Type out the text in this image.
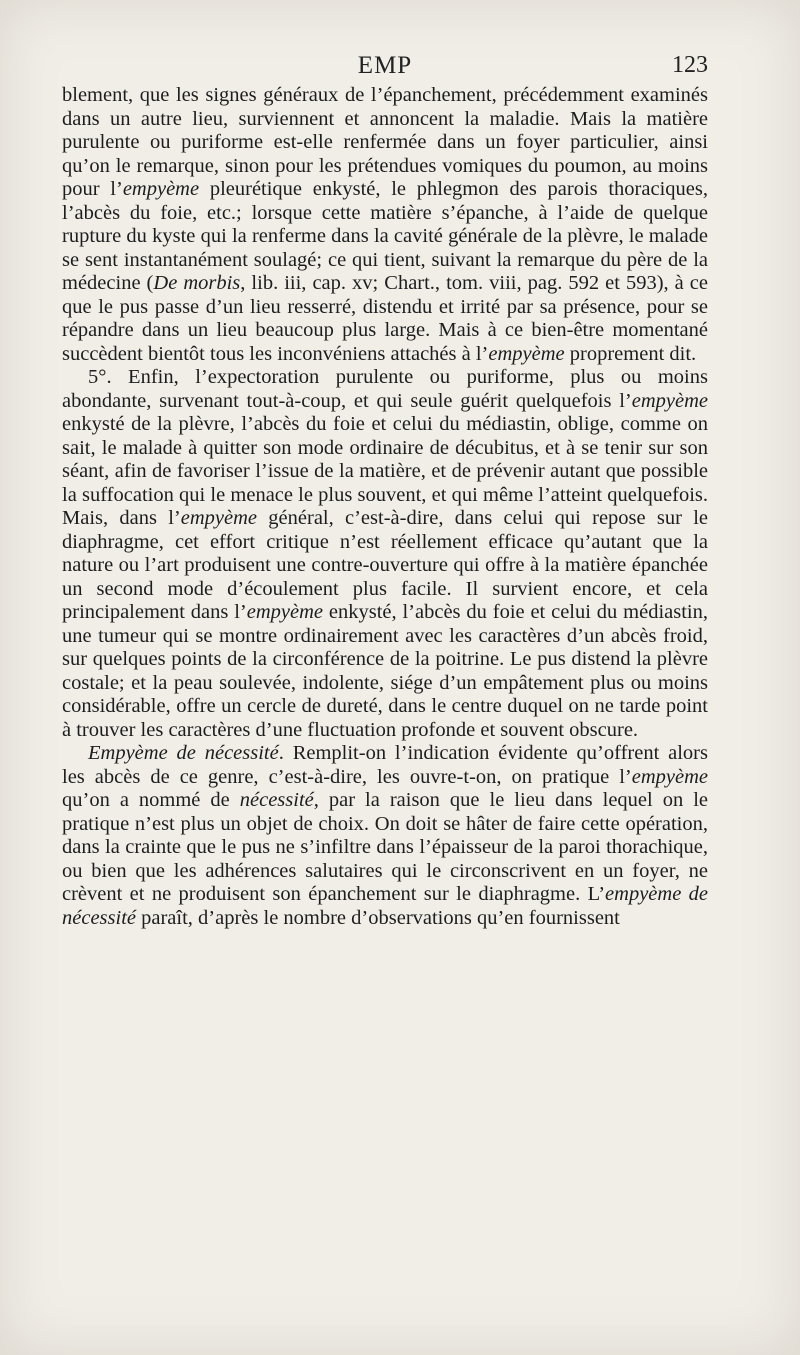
EMP	123

blement, que les signes généraux de l’épanchement, précédemment examinés dans un autre lieu, surviennent et annoncent la maladie. Mais la matière purulente ou puriforme est-elle renfermée dans un foyer particulier, ainsi qu’on le remarque, sinon pour les prétendues vomiques du poumon, au moins pour l’empyème pleurétique enkysté, le phlegmon des parois thoraciques, l’abcès du foie, etc.; lorsque cette matière s’épanche, à l’aide de quelque rupture du kyste qui la renferme dans la cavité générale de la plèvre, le malade se sent instantanément soulagé; ce qui tient, suivant la remarque du père de la médecine (De morbis, lib. iii, cap. xv; Chart., tom. viii, pag. 592 et 593), à ce que le pus passe d’un lieu resserré, distendu et irrité par sa présence, pour se répandre dans un lieu beaucoup plus large. Mais à ce bien-être momentané succèdent bientôt tous les inconvéniens attachés à l’empyème proprement dit.

5°. Enfin, l’expectoration purulente ou puriforme, plus ou moins abondante, survenant tout-à-coup, et qui seule guérit quelquefois l’empyème enkysté de la plèvre, l’abcès du foie et celui du médiastin, oblige, comme on sait, le malade à quitter son mode ordinaire de décubitus, et à se tenir sur son séant, afin de favoriser l’issue de la matière, et de prévenir autant que possible la suffocation qui le menace le plus souvent, et qui même l’atteint quelquefois. Mais, dans l’empyème général, c’est-à-dire, dans celui qui repose sur le diaphragme, cet effort critique n’est réellement efficace qu’autant que la nature ou l’art produisent une contre-ouverture qui offre à la matière épanchée un second mode d’écoulement plus facile. Il survient encore, et cela principalement dans l’empyème enkysté, l’abcès du foie et celui du médiastin, une tumeur qui se montre ordinairement avec les caractères d’un abcès froid, sur quelques points de la circonférence de la poitrine. Le pus distend la plèvre costale; et la peau soulevée, indolente, siége d’un empâtement plus ou moins considérable, offre un cercle de dureté, dans le centre duquel on ne tarde point à trouver les caractères d’une fluctuation profonde et souvent obscure.

Empyème de nécessité. Remplit-on l’indication évidente qu’offrent alors les abcès de ce genre, c’est-à-dire, les ouvre-t-on, on pratique l’empyème qu’on a nommé de nécessité, par la raison que le lieu dans lequel on le pratique n’est plus un objet de choix. On doit se hâter de faire cette opération, dans la crainte que le pus ne s’infiltre dans l’épaisseur de la paroi thorachique, ou bien que les adhérences salutaires qui le circonscrivent en un foyer, ne crèvent et ne produisent son épanchement sur le diaphragme. L’empyème de nécessité paraît, d’après le nombre d’observations qu’en fournissent
